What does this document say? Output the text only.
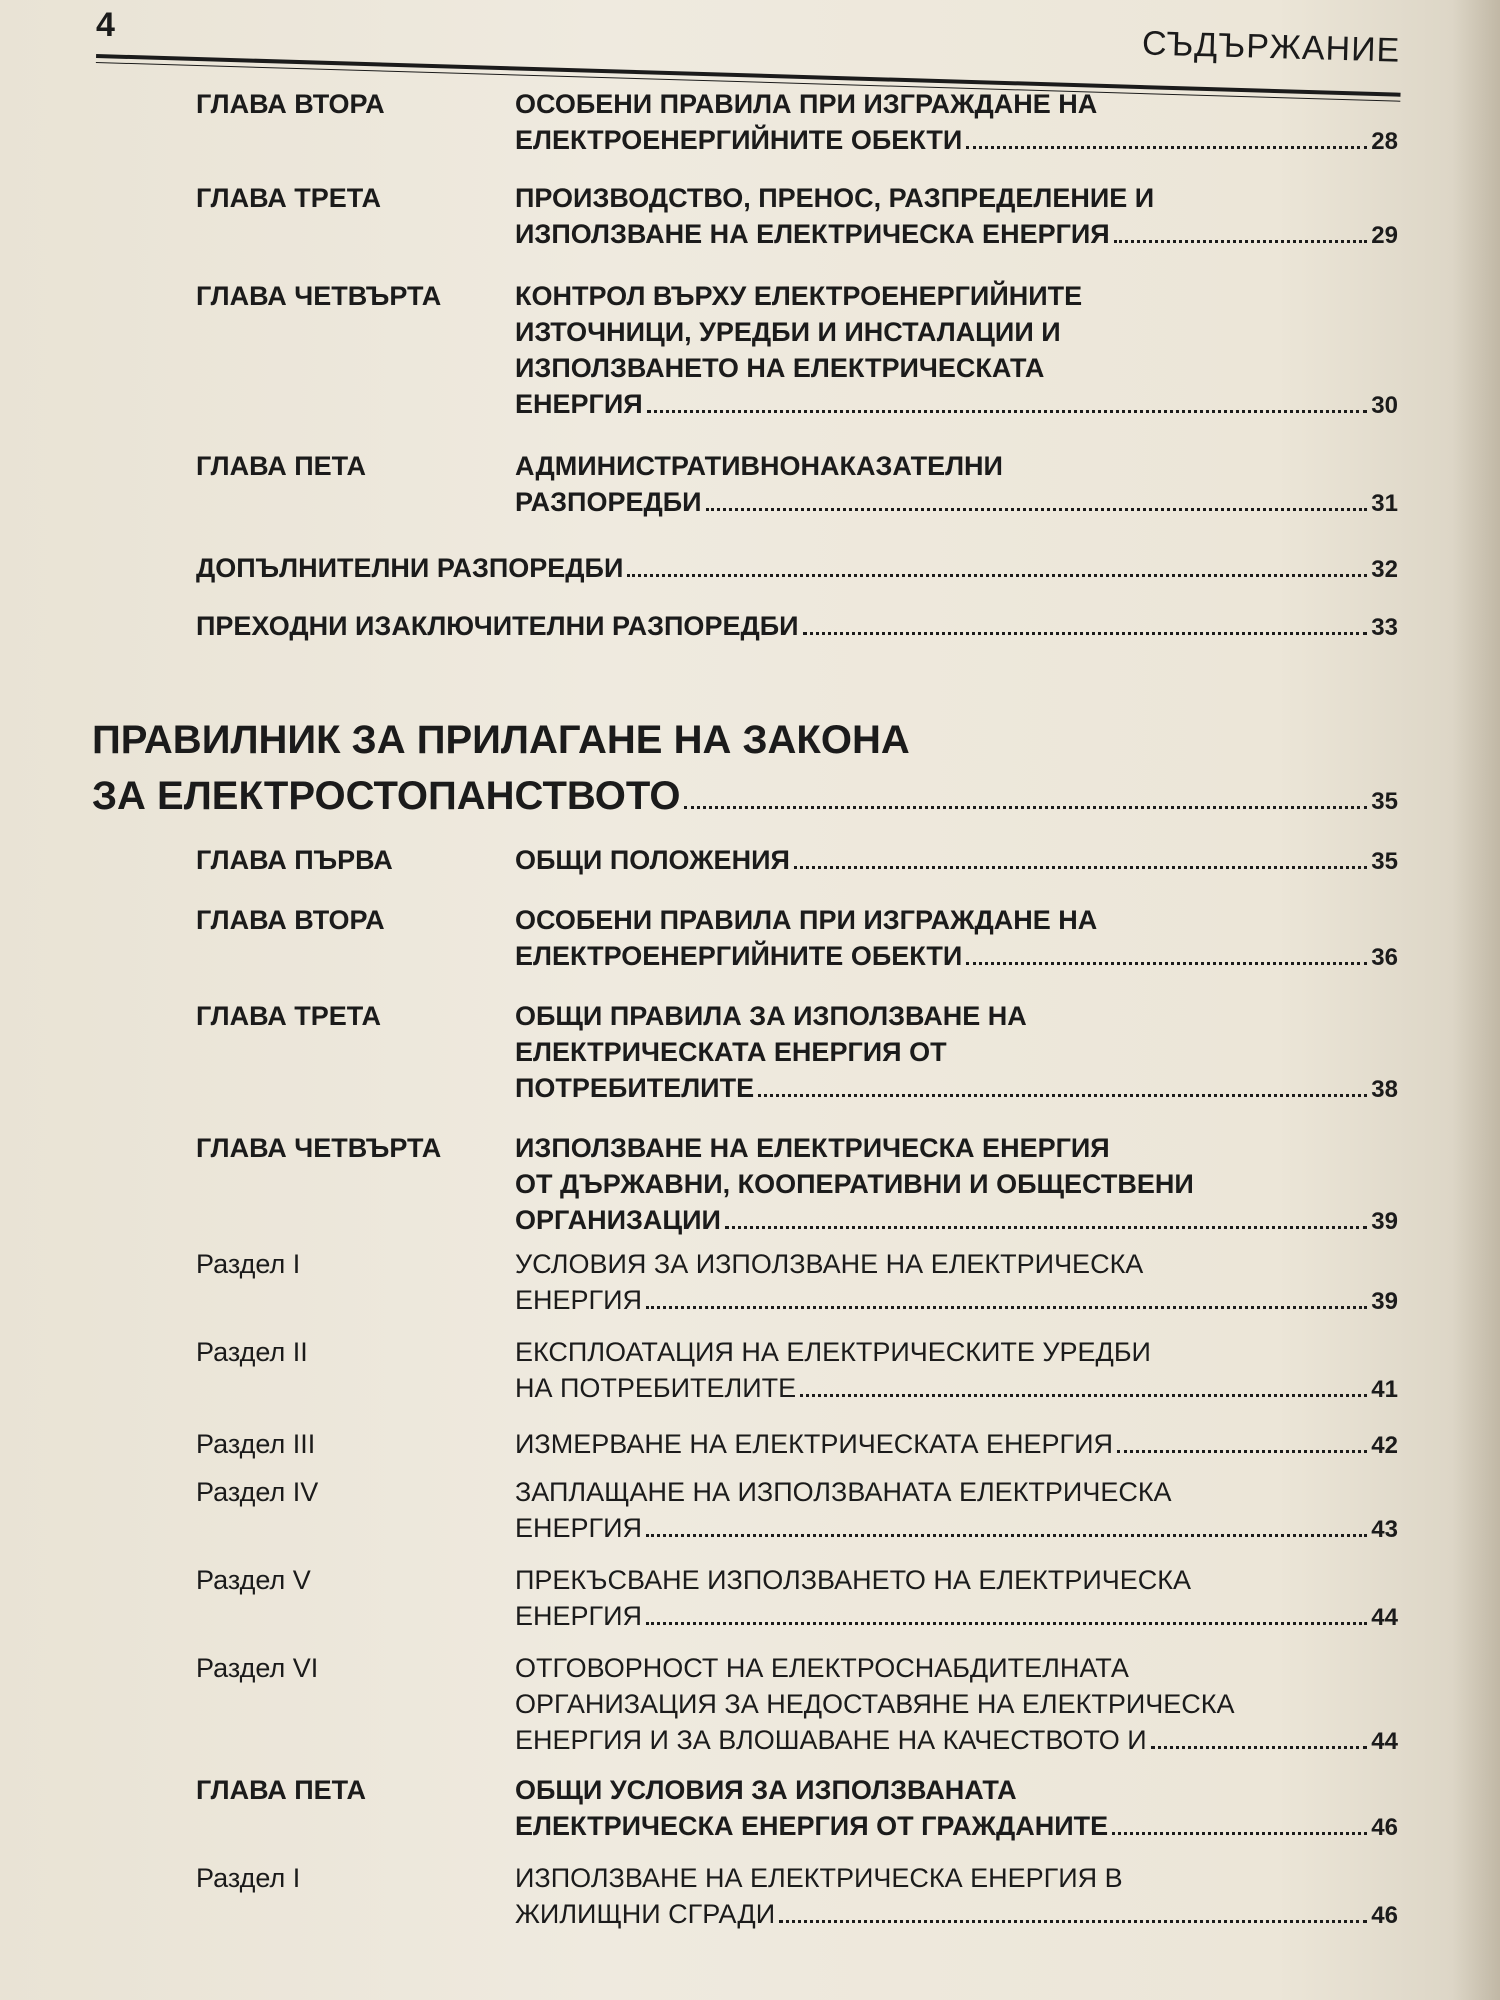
4	СЪДЪРЖАНИЕ
ГЛАВА ВТОРА	ОСОБЕНИ ПРАВИЛА ПРИ ИЗГРАЖДАНЕ НА
ЕЛЕКТРОЕНЕРГИЙНИТЕ ОБЕКТИ	28
ГЛАВА ТРЕТА	ПРОИЗВОДСТВО, ПРЕНОС, РАЗПРЕДЕЛЕНИЕ И
ИЗПОЛЗВАНЕ НА ЕЛЕКТРИЧЕСКА ЕНЕРГИЯ	29
ГЛАВА ЧЕТВЪРТА	КОНТРОЛ ВЪРХУ ЕЛЕКТРОЕНЕРГИЙНИТЕ
ИЗТОЧНИЦИ, УРЕДБИ И ИНСТАЛАЦИИ И
ИЗПОЛЗВАНЕТО НА ЕЛЕКТРИЧЕСКАТА
ЕНЕРГИЯ	30
ГЛАВА ПЕТА	АДМИНИСТРАТИВНОНАКАЗАТЕЛНИ
РАЗПОРЕДБИ	31
ДОПЪЛНИТЕЛНИ РАЗПОРЕДБИ	32
ПРЕХОДНИ ИЗАКЛЮЧИТЕЛНИ РАЗПОРЕДБИ	33
ПРАВИЛНИК ЗА ПРИЛАГАНЕ НА ЗАКОНА
ЗА ЕЛЕКТРОСТОПАНСТВОТО	35
ГЛАВА ПЪРВА	ОБЩИ ПОЛОЖЕНИЯ	35
ГЛАВА ВТОРА	ОСОБЕНИ ПРАВИЛА ПРИ ИЗГРАЖДАНЕ НА
ЕЛЕКТРОЕНЕРГИЙНИТЕ ОБЕКТИ	36
ГЛАВА ТРЕТА	ОБЩИ ПРАВИЛА ЗА ИЗПОЛЗВАНЕ НА
ЕЛЕКТРИЧЕСКАТА ЕНЕРГИЯ ОТ
ПОТРЕБИТЕЛИТЕ	38
ГЛАВА ЧЕТВЪРТА	ИЗПОЛЗВАНЕ НА ЕЛЕКТРИЧЕСКА ЕНЕРГИЯ
ОТ ДЪРЖАВНИ, КООПЕРАТИВНИ И ОБЩЕСТВЕНИ
ОРГАНИЗАЦИИ	39
Раздел I	УСЛОВИЯ ЗА ИЗПОЛЗВАНЕ НА ЕЛЕКТРИЧЕСКА
ЕНЕРГИЯ	39
Раздел II	ЕКСПЛОАТАЦИЯ НА ЕЛЕКТРИЧЕСКИТЕ УРЕДБИ
НА ПОТРЕБИТЕЛИТЕ	41
Раздел III	ИЗМЕРВАНЕ НА ЕЛЕКТРИЧЕСКАТА ЕНЕРГИЯ	42
Раздел IV	ЗАПЛАЩАНЕ НА ИЗПОЛЗВАНАТА ЕЛЕКТРИЧЕСКА
ЕНЕРГИЯ	43
Раздел V	ПРЕКЪСВАНЕ ИЗПОЛЗВАНЕТО НА ЕЛЕКТРИЧЕСКА
ЕНЕРГИЯ	44
Раздел VI	ОТГОВОРНОСТ НА ЕЛЕКТРОСНАБДИТЕЛНАТА
ОРГАНИЗАЦИЯ ЗА НЕДОСТАВЯНЕ НА ЕЛЕКТРИЧЕСКА
ЕНЕРГИЯ И ЗА ВЛОШАВАНЕ НА КАЧЕСТВОТО И	44
ГЛАВА ПЕТА	ОБЩИ УСЛОВИЯ ЗА ИЗПОЛЗВАНАТА
ЕЛЕКТРИЧЕСКА ЕНЕРГИЯ ОТ ГРАЖДАНИТЕ	46
Раздел I	ИЗПОЛЗВАНЕ НА ЕЛЕКТРИЧЕСКА ЕНЕРГИЯ В
ЖИЛИЩНИ СГРАДИ	46
